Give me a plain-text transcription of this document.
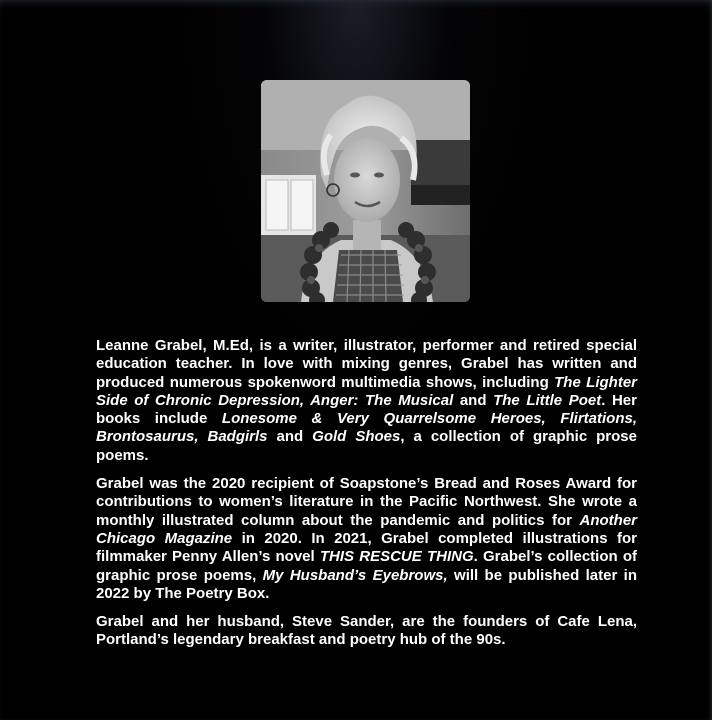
Leanne Grabel, M.Ed, is a writer, illustrator, performer and retired special education teacher. In love with mixing genres, Grabel has written and produced numerous spokenword multimedia shows, including The Lighter Side of Chronic Depression, Anger: The Musical and The Little Poet. Her books include Lonesome & Very Quarrelsome Heroes, Flirtations, Brontosaurus, Badgirls and Gold Shoes, a collection of graphic prose poems.

Grabel was the 2020 recipient of Soapstone’s Bread and Roses Award for contributions to women’s literature in the Pacific Northwest. She wrote a monthly illustrated column about the pandemic and politics for Another Chicago Magazine in 2020. In 2021, Grabel completed illustrations for filmmaker Penny Allen’s novel THIS RESCUE THING. Grabel’s collection of graphic prose poems, My Husband’s Eyebrows, will be published later in 2022 by The Poetry Box.

Grabel and her husband, Steve Sander, are the founders of Cafe Lena, Portland’s legendary breakfast and poetry hub of the 90s.
